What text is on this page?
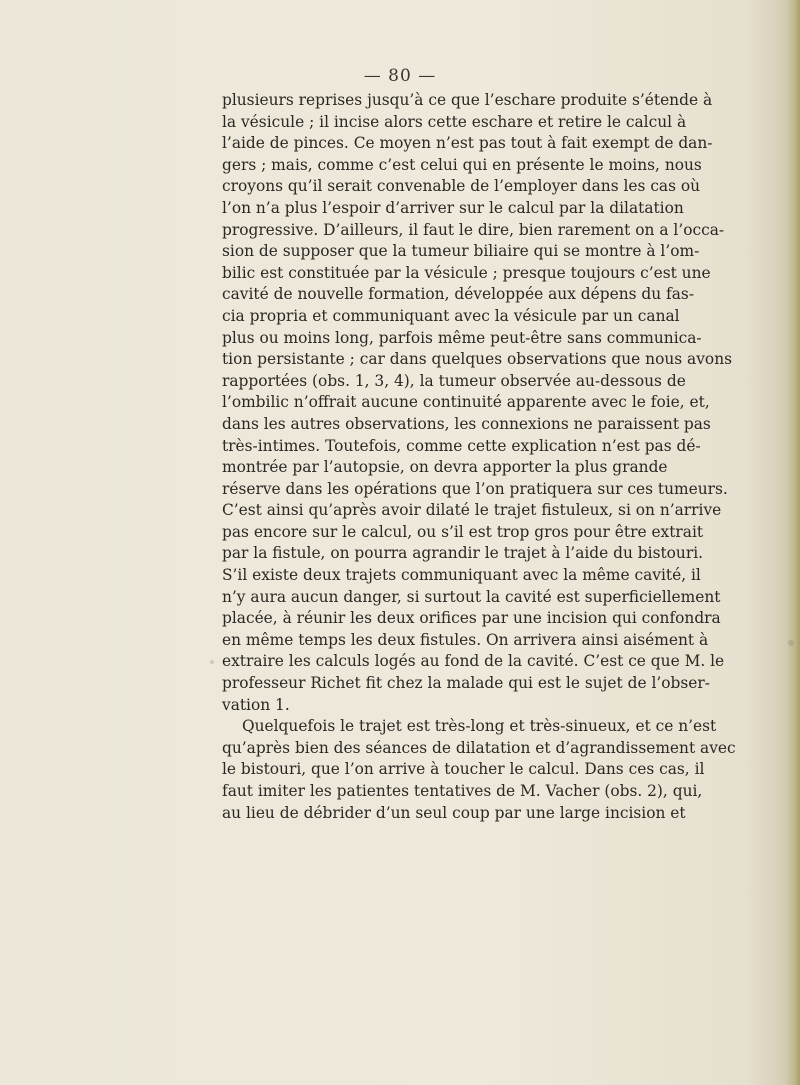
— 80 —
plusieurs reprises jusqu’à ce que l’eschare produite s’étende à
la vésicule ; il incise alors cette eschare et retire le calcul à
l’aide de pinces. Ce moyen n’est pas tout à fait exempt de dan-
gers ; mais, comme c’est celui qui en présente le moins, nous
croyons qu’il serait convenable de l’employer dans les cas où
l’on n’a plus l’espoir d’arriver sur le calcul par la dilatation
progressive. D’ailleurs, il faut le dire, bien rarement on a l’occa-
sion de supposer que la tumeur biliaire qui se montre à l’om-
bilic est constituée par la vésicule ; presque toujours c’est une
cavité de nouvelle formation, développée aux dépens du fas-
cia propria et communiquant avec la vésicule par un canal
plus ou moins long, parfois même peut-être sans communica-
tion persistante ; car dans quelques observations que nous avons
rapportées (obs. 1, 3, 4), la tumeur observée au-dessous de
l’ombilic n’offrait aucune continuité apparente avec le foie, et,
dans les autres observations, les connexions ne paraissent pas
très-intimes. Toutefois, comme cette explication n’est pas dé-
montrée par l’autopsie, on devra apporter la plus grande
réserve dans les opérations que l’on pratiquera sur ces tumeurs.
C’est ainsi qu’après avoir dilaté le trajet fistuleux, si on n’arrive
pas encore sur le calcul, ou s’il est trop gros pour être extrait
par la fistule, on pourra agrandir le trajet à l’aide du bistouri.
S’il existe deux trajets communiquant avec la même cavité, il
n’y aura aucun danger, si surtout la cavité est superficiellement
placée, à réunir les deux orifices par une incision qui confondra
en même temps les deux fistules. On arrivera ainsi aisément à
extraire les calculs logés au fond de la cavité. C’est ce que M. le
professeur Richet fit chez la malade qui est le sujet de l’obser-
vation 1.
Quelquefois le trajet est très-long et très-sinueux, et ce n’est
qu’après bien des séances de dilatation et d’agrandissement avec
le bistouri, que l’on arrive à toucher le calcul. Dans ces cas, il
faut imiter les patientes tentatives de M. Vacher (obs. 2), qui,
au lieu de débrider d’un seul coup par une large incision et
